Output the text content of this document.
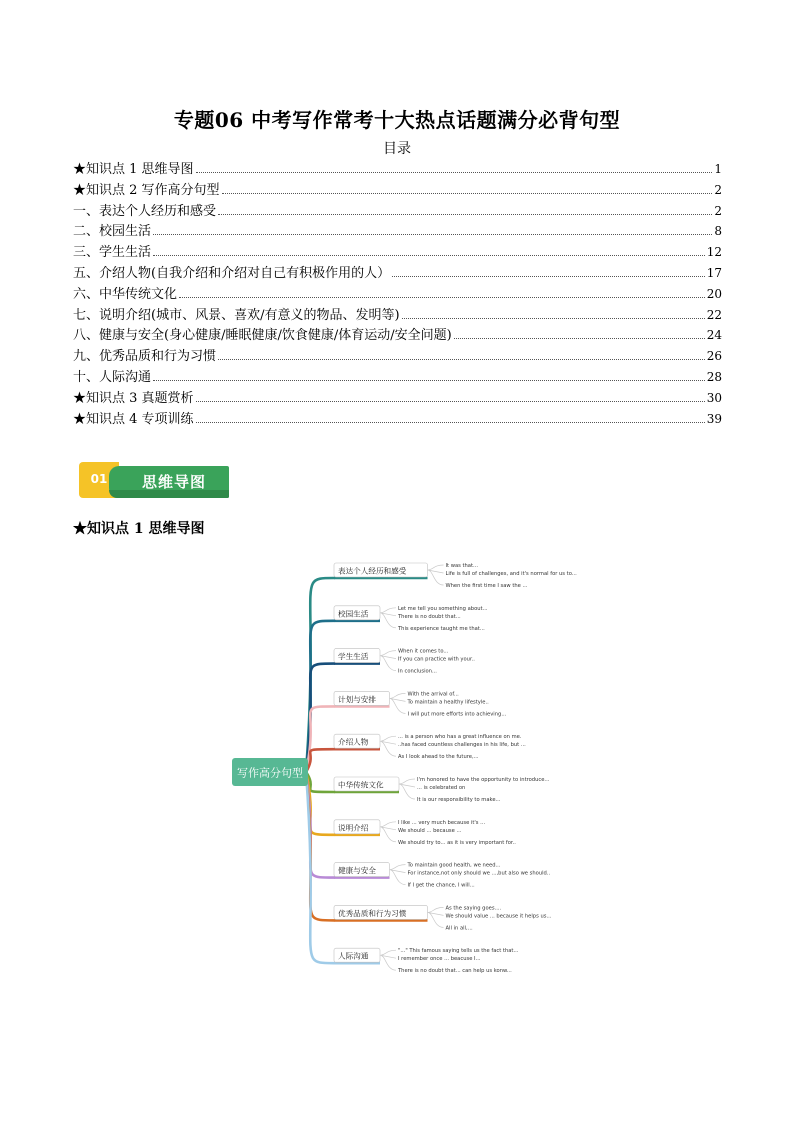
专题06 中考写作常考十大热点话题满分必背句型
目录
★知识点 1 思维导图	1
★知识点 2 写作高分句型	2
一、表达个人经历和感受	2
二、校园生活	8
三、学生生活	12
五、介绍人物(自我介绍和介绍对自己有积极作用的人）	17
六、中华传统文化	20
七、说明介绍(城市、风景、喜欢/有意义的物品、发明等)	22
八、健康与安全(身心健康/睡眠健康/饮食健康/体育运动/安全问题)	24
九、优秀品质和行为习惯	26
十、人际沟通	28
★知识点 3 真题赏析	30
★知识点 4 专项训练	39
01	思维导图
★知识点 1 思维导图
表达个人经历和感受
It was that...
Life is full of challenges, and it's normal for us to...
When the first time I saw the ...
校园生活
Let me tell you something about...
There is no doubt that...
This experience taught me that...
学生生活
When it comes to...
If you can practice with your..
In conclusion...
计划与安排
With the arrival of...
To maintain a healthy lifestyle..
I will put more efforts into achieving...
介绍人物
... is a person who has a great influence on me.
..has faced countless challenges in his life, but ...
As I look ahead to the future,...
中华传统文化
I'm honored to have the opportunity to introduce...
... is celebrated on
It is our responsibility to make...
说明介绍
I like ... very much because it's ...
We should ... because ...
We should try to... as it is very important for..
健康与安全
To maintain good health, we need...
For instance,not only should we ...,but also we should..
If I get the chance, I will...
优秀品质和行为习惯
As the saying goes....
We should value ... because it helps us...
All in all,...
人际沟通
"..." This famous saying tells us the fact that...
I remember once ... beacuse I...
There is no doubt that... can help us konw...
写作高分句型
